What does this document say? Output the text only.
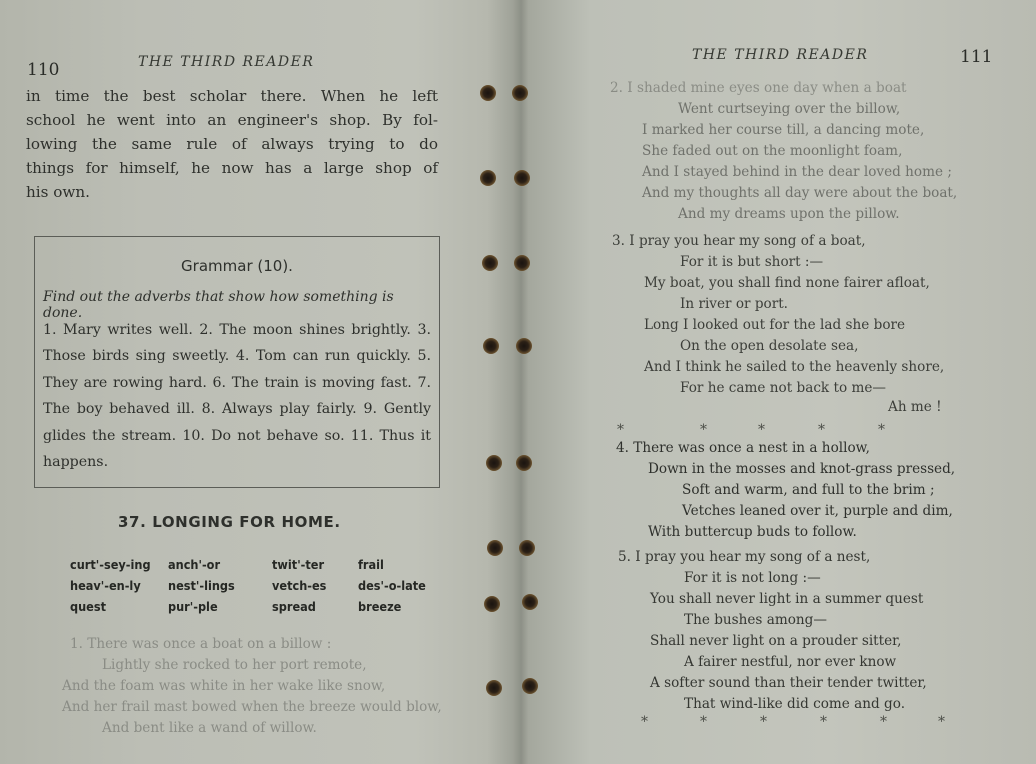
110	THE THIRD READER
in time the best scholar there. When he left
school he went into an engineer's shop. By fol-
lowing the same rule of always trying to do
things for himself, he now has a large shop of
his own.
Grammar (10).
Find out the adverbs that show how something is done.
1. Mary writes well. 2. The moon shines brightly. 3. Those birds sing sweetly. 4. Tom can run quickly. 5. They are rowing hard. 6. The train is moving fast. 7. The boy behaved ill. 8. Always play fairly. 9. Gently glides the stream. 10. Do not behave so. 11. Thus it happens.
37. LONGING FOR HOME.
curt'-sey-ing	anch'-or	twit'-ter	frail
heav'-en-ly	nest'-lings	vetch-es	des'-o-late
quest	pur'-ple	spread	breeze
1. There was once a boat on a billow :
Lightly she rocked to her port remote,
And the foam was white in her wake like snow,
And her frail mast bowed when the breeze would blow,
And bent like a wand of willow.
THE THIRD READER	111
2. I shaded mine eyes one day when a boat
Went curtseying over the billow,
I marked her course till, a dancing mote,
She faded out on the moonlight foam,
And I stayed behind in the dear loved home ;
And my thoughts all day were about the boat,
And my dreams upon the pillow.
3. I pray you hear my song of a boat,
For it is but short :—
My boat, you shall find none fairer afloat,
In river or port.
Long I looked out for the lad she bore
On the open desolate sea,
And I think he sailed to the heavenly shore,
For he came not back to me—
Ah me !
*	*	*	*	*
4. There was once a nest in a hollow,
Down in the mosses and knot-grass pressed,
Soft and warm, and full to the brim ;
Vetches leaned over it, purple and dim,
With buttercup buds to follow.
5. I pray you hear my song of a nest,
For it is not long :—
You shall never light in a summer quest
The bushes among—
Shall never light on a prouder sitter,
A fairer nestful, nor ever know
A softer sound than their tender twitter,
That wind-like did come and go.
*	*	*	*	*	*
